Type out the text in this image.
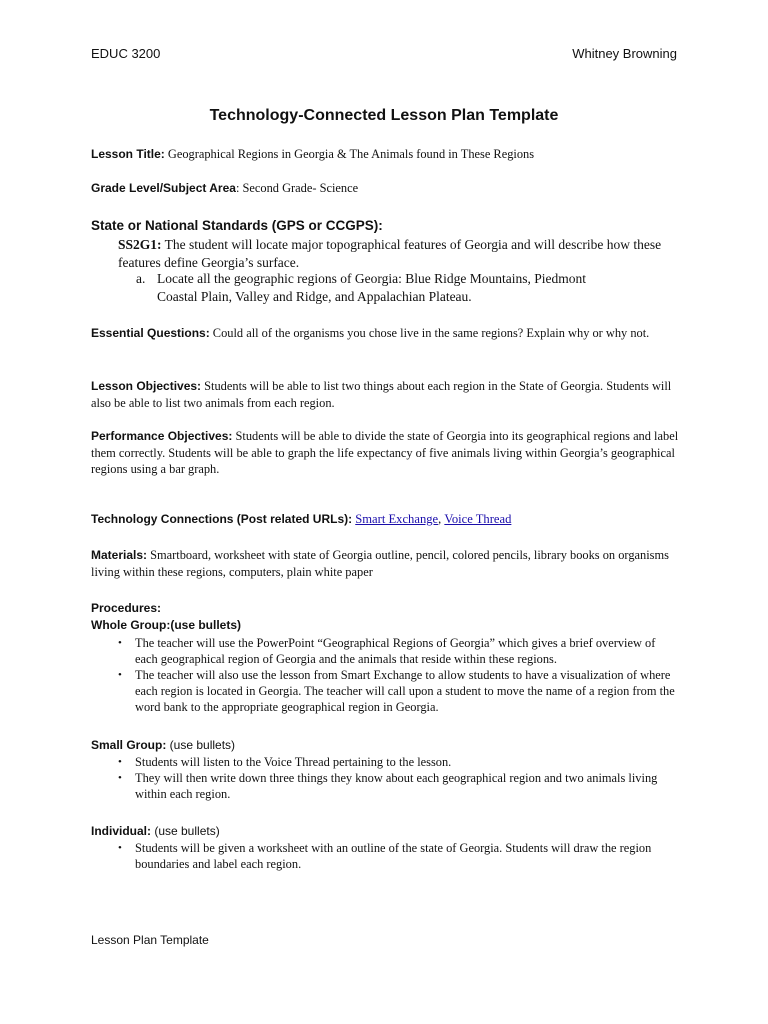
EDUC 3200	Whitney Browning
Technology-Connected Lesson Plan Template
Lesson Title: Geographical Regions in Georgia & The Animals found in These Regions
Grade Level/Subject Area: Second Grade- Science
State or National Standards (GPS or CCGPS):
SS2G1: The student will locate major topographical features of Georgia and will describe how these features define Georgia’s surface.
a. Locate all the geographic regions of Georgia: Blue Ridge Mountains, Piedmont
Coastal Plain, Valley and Ridge, and Appalachian Plateau.
Essential Questions: Could all of the organisms you chose live in the same regions? Explain why or why not.
Lesson Objectives: Students will be able to list two things about each region in the State of Georgia. Students will also be able to list two animals from each region.
Performance Objectives: Students will be able to divide the state of Georgia into its geographical regions and label them correctly. Students will be able to graph the life expectancy of five animals living within Georgia’s geographical regions using a bar graph.
Technology Connections (Post related URLs): Smart Exchange, Voice Thread
Materials: Smartboard, worksheet with state of Georgia outline, pencil, colored pencils, library books on organisms living within these regions, computers, plain white paper
Procedures:
Whole Group:(use bullets)
• The teacher will use the PowerPoint “Geographical Regions of Georgia” which gives a brief overview of each geographical region of Georgia and the animals that reside within these regions.
• The teacher will also use the lesson from Smart Exchange to allow students to have a visualization of where each region is located in Georgia. The teacher will call upon a student to move the name of a region from the word bank to the appropriate geographical region in Georgia.
Small Group: (use bullets)
• Students will listen to the Voice Thread pertaining to the lesson.
• They will then write down three things they know about each geographical region and two animals living within each region.
Individual: (use bullets)
• Students will be given a worksheet with an outline of the state of Georgia. Students will draw the region boundaries and label each region.
Lesson Plan Template
